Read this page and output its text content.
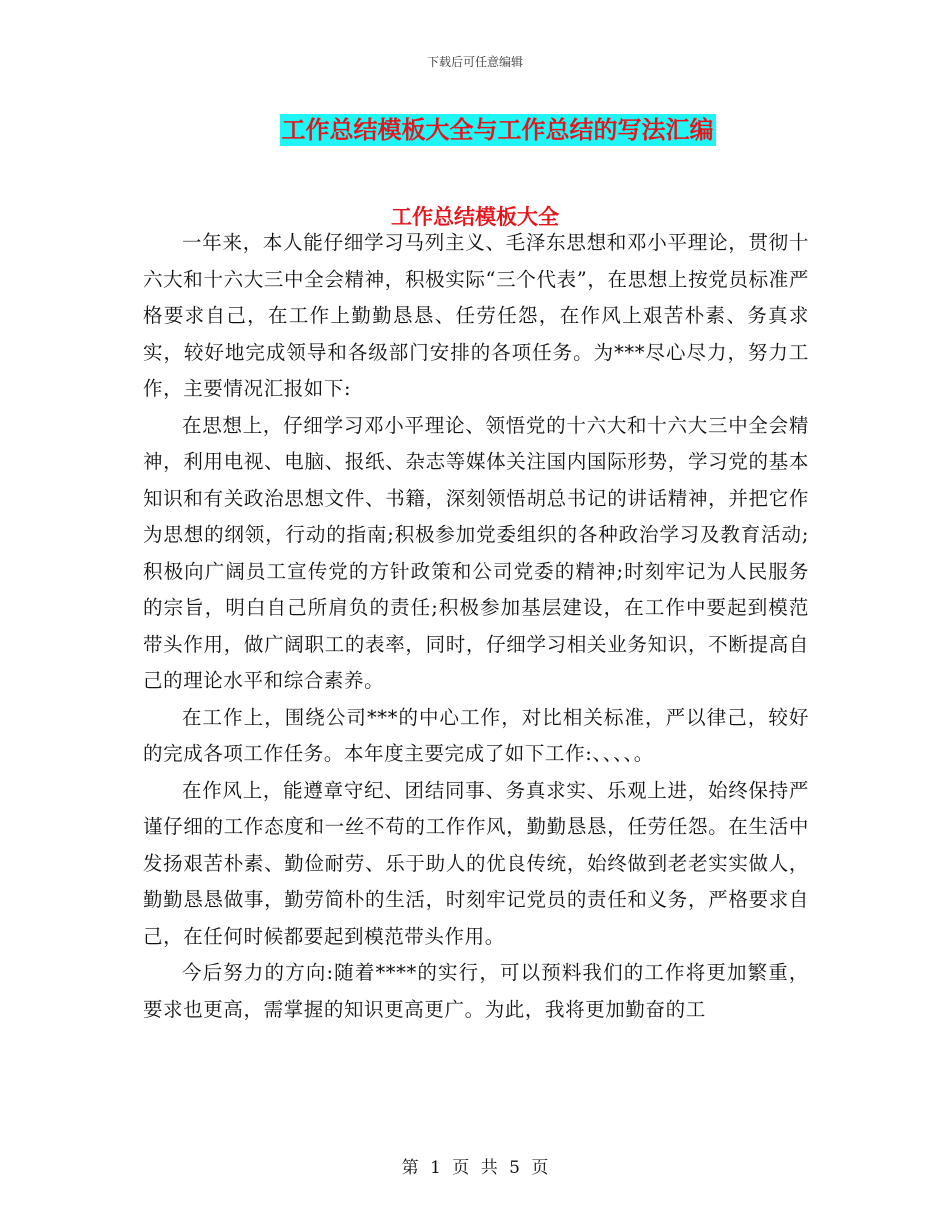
下载后可任意编辑
工作总结模板大全与工作总结的写法汇编
工作总结模板大全

一年来，本人能仔细学习马列主义、毛泽东思想和邓小平理论，贯彻十六大和十六大三中全会精神，积极实际“三个代表”，在思想上按党员标准严格要求自己，在工作上勤勤恳恳、任劳任怨，在作风上艰苦朴素、务真求实，较好地完成领导和各级部门安排的各项任务。为***尽心尽力，努力工作，主要情况汇报如下:

在思想上，仔细学习邓小平理论、领悟党的十六大和十六大三中全会精神，利用电视、电脑、报纸、杂志等媒体关注国内国际形势，学习党的基本知识和有关政治思想文件、书籍，深刻领悟胡总书记的讲话精神，并把它作为思想的纲领，行动的指南;积极参加党委组织的各种政治学习及教育活动;积极向广阔员工宣传党的方针政策和公司党委的精神;时刻牢记为人民服务的宗旨，明白自己所肩负的责任;积极参加基层建设，在工作中要起到模范带头作用，做广阔职工的表率，同时，仔细学习相关业务知识，不断提高自己的理论水平和综合素养。

在工作上，围绕公司***的中心工作，对比相关标准，严以律己，较好的完成各项工作任务。本年度主要完成了如下工作:、、、、。

在作风上，能遵章守纪、团结同事、务真求实、乐观上进，始终保持严谨仔细的工作态度和一丝不苟的工作作风，勤勤恳恳，任劳任怨。在生活中发扬艰苦朴素、勤俭耐劳、乐于助人的优良传统，始终做到老老实实做人，勤勤恳恳做事，勤劳简朴的生活，时刻牢记党员的责任和义务，严格要求自己，在任何时候都要起到模范带头作用。

今后努力的方向:随着****的实行，可以预料我们的工作将更加繁重，要求也更高，需掌握的知识更高更广。为此，我将更加勤奋的工

第 1 页 共 5 页
